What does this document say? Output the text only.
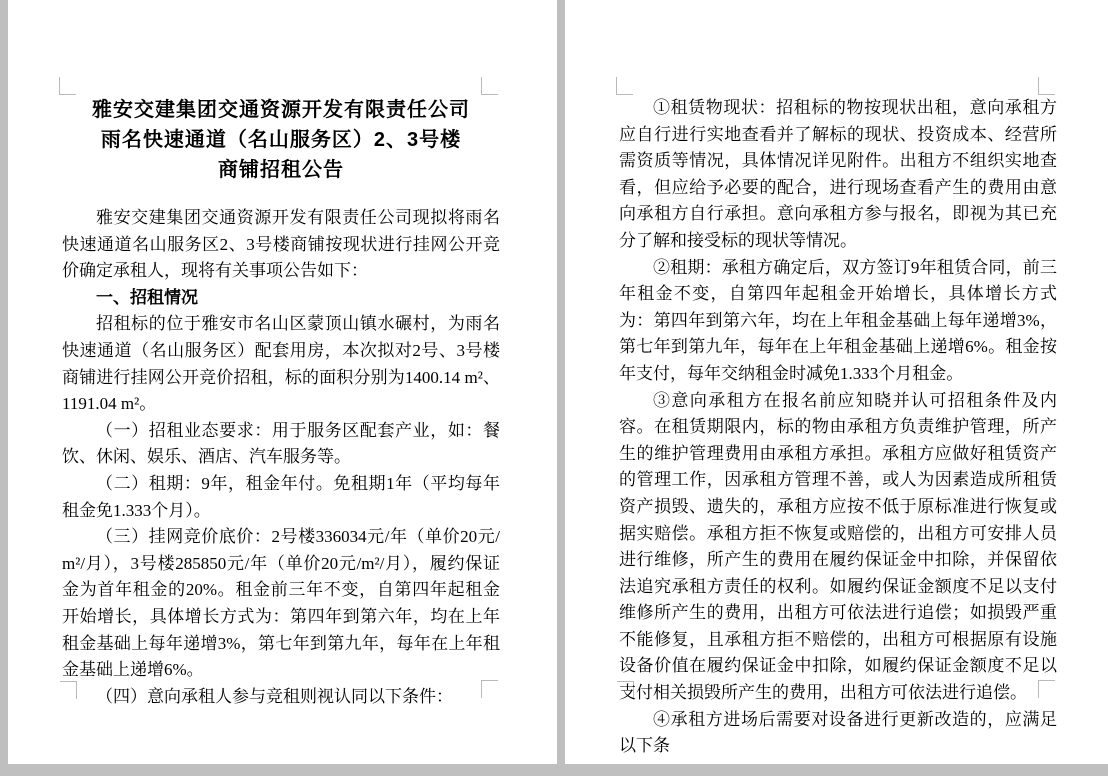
雅安交建集团交通资源开发有限责任公司
雨名快速通道（名山服务区）2、3号楼
商铺招租公告

雅安交建集团交通资源开发有限责任公司现拟将雨名快速通道名山服务区2、3号楼商铺按现状进行挂网公开竞价确定承租人，现将有关事项公告如下：

一、招租情况

招租标的位于雅安市名山区蒙顶山镇水碾村，为雨名快速通道（名山服务区）配套用房，本次拟对2号、3号楼商铺进行挂网公开竞价招租，标的面积分别为1400.14 m²、1191.04 m²。

（一）招租业态要求：用于服务区配套产业，如：餐饮、休闲、娱乐、酒店、汽车服务等。

（二）租期：9年，租金年付。免租期1年（平均每年租金免1.333个月）。

（三）挂网竞价底价：2号楼336034元/年（单价20元/m²/月），3号楼285850元/年（单价20元/m²/月），履约保证金为首年租金的20%。租金前三年不变，自第四年起租金开始增长，具体增长方式为：第四年到第六年，均在上年租金基础上每年递增3%，第七年到第九年，每年在上年租金基础上递增6%。

（四）意向承租人参与竞租则视认同以下条件：

①租赁物现状：招租标的物按现状出租，意向承租方应自行进行实地查看并了解标的现状、投资成本、经营所需资质等情况，具体情况详见附件。出租方不组织实地查看，但应给予必要的配合，进行现场查看产生的费用由意向承租方自行承担。意向承租方参与报名，即视为其已充分了解和接受标的现状等情况。

②租期：承租方确定后，双方签订9年租赁合同，前三年租金不变，自第四年起租金开始增长，具体增长方式为：第四年到第六年，均在上年租金基础上每年递增3%，第七年到第九年，每年在上年租金基础上递增6%。租金按年支付，每年交纳租金时减免1.333个月租金。

③意向承租方在报名前应知晓并认可招租条件及内容。在租赁期限内，标的物由承租方负责维护管理，所产生的维护管理费用由承租方承担。承租方应做好租赁资产的管理工作，因承租方管理不善，或人为因素造成所租赁资产损毁、遗失的，承租方应按不低于原标准进行恢复或据实赔偿。承租方拒不恢复或赔偿的，出租方可安排人员进行维修，所产生的费用在履约保证金中扣除，并保留依法追究承租方责任的权利。如履约保证金额度不足以支付维修所产生的费用，出租方可依法进行追偿；如损毁严重不能修复，且承租方拒不赔偿的，出租方可根据原有设施设备价值在履约保证金中扣除，如履约保证金额度不足以支付相关损毁所产生的费用，出租方可依法进行追偿。

④承租方进场后需要对设备进行更新改造的，应满足以下条
